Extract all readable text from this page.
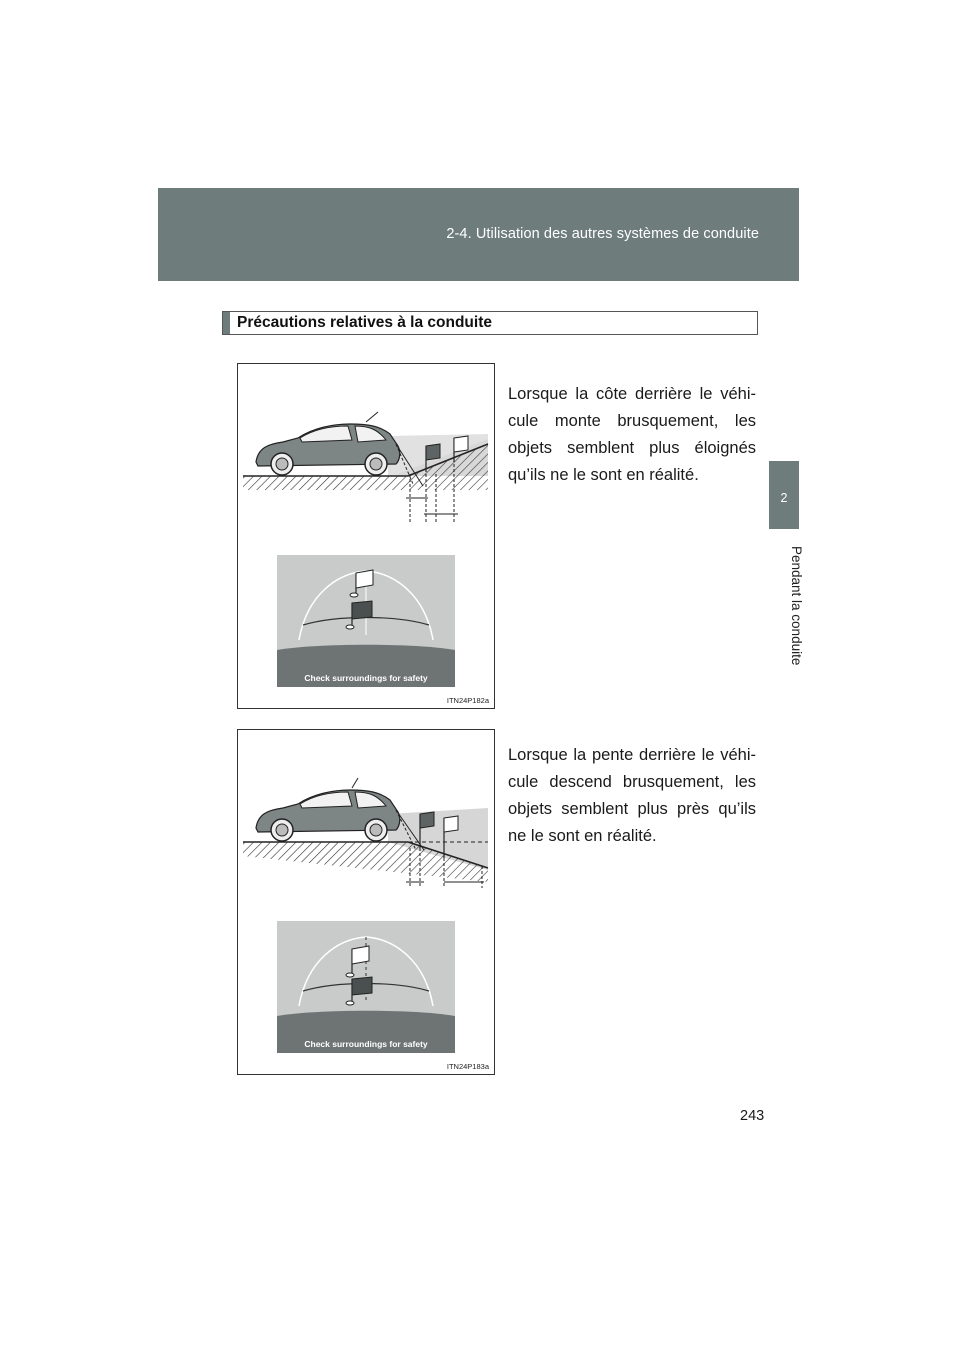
2-4. Utilisation des autres systèmes de conduite
2
Pendant la conduite
Précautions relatives à la conduite
Check surroundings for safety
ITN24P182a
Lorsque la côte derrière le véhi-cule monte brusquement, les objets semblent plus éloignés qu’ils ne le sont en réalité.
Check surroundings for safety
ITN24P183a
Lorsque la pente derrière le véhi-cule descend brusquement, les objets semblent plus près qu’ils ne le sont en réalité.
243
